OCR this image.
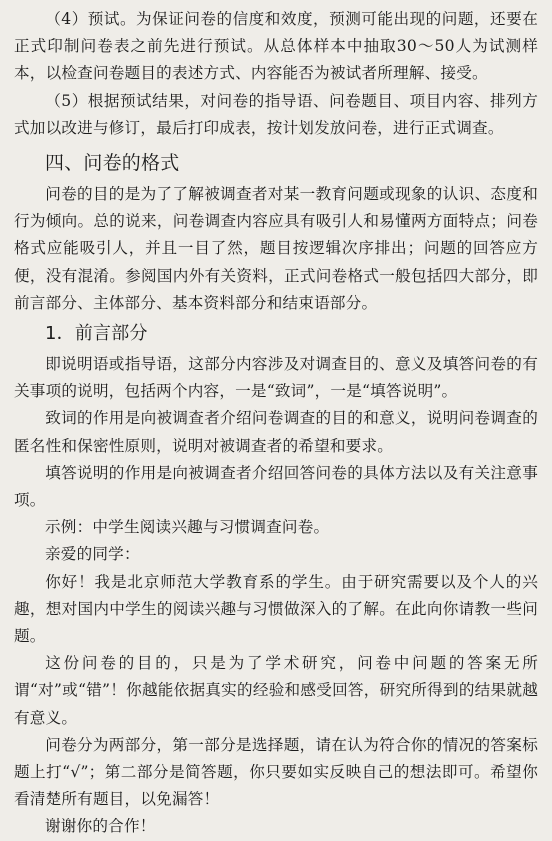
（4）预试。为保证问卷的信度和效度，预测可能出现的问题，还要在正式印制问卷表之前先进行预试。从总体样本中抽取30～50人为试测样本，以检查问卷题目的表述方式、内容能否为被试者所理解、接受。

（5）根据预试结果，对问卷的指导语、问卷题目、项目内容、排列方式加以改进与修订，最后打印成表，按计划发放问卷，进行正式调查。

四、问卷的格式

问卷的目的是为了了解被调查者对某一教育问题或现象的认识、态度和行为倾向。总的说来，问卷调查内容应具有吸引人和易懂两方面特点；问卷格式应能吸引人，并且一目了然，题目按逻辑次序排出；问题的回答应方便，没有混淆。参阅国内外有关资料，正式问卷格式一般包括四大部分，即前言部分、主体部分、基本资料部分和结束语部分。

1．前言部分

即说明语或指导语，这部分内容涉及对调查目的、意义及填答问卷的有关事项的说明，包括两个内容，一是“致词”，一是“填答说明”。

致词的作用是向被调查者介绍问卷调查的目的和意义，说明问卷调查的匿名性和保密性原则，说明对被调查者的希望和要求。

填答说明的作用是向被调查者介绍回答问卷的具体方法以及有关注意事项。

示例：中学生阅读兴趣与习惯调查问卷。

亲爱的同学：

你好！我是北京师范大学教育系的学生。由于研究需要以及个人的兴趣，想对国内中学生的阅读兴趣与习惯做深入的了解。在此向你请教一些问题。

这份问卷的目的，只是为了学术研究，问卷中问题的答案无所谓“对”或“错”！你越能依据真实的经验和感受回答，研究所得到的结果就越有意义。

问卷分为两部分，第一部分是选择题，请在认为符合你的情况的答案标题上打“√”；第二部分是简答题，你只要如实反映自己的想法即可。希望你看清楚所有题目，以免漏答！

谢谢你的合作！
